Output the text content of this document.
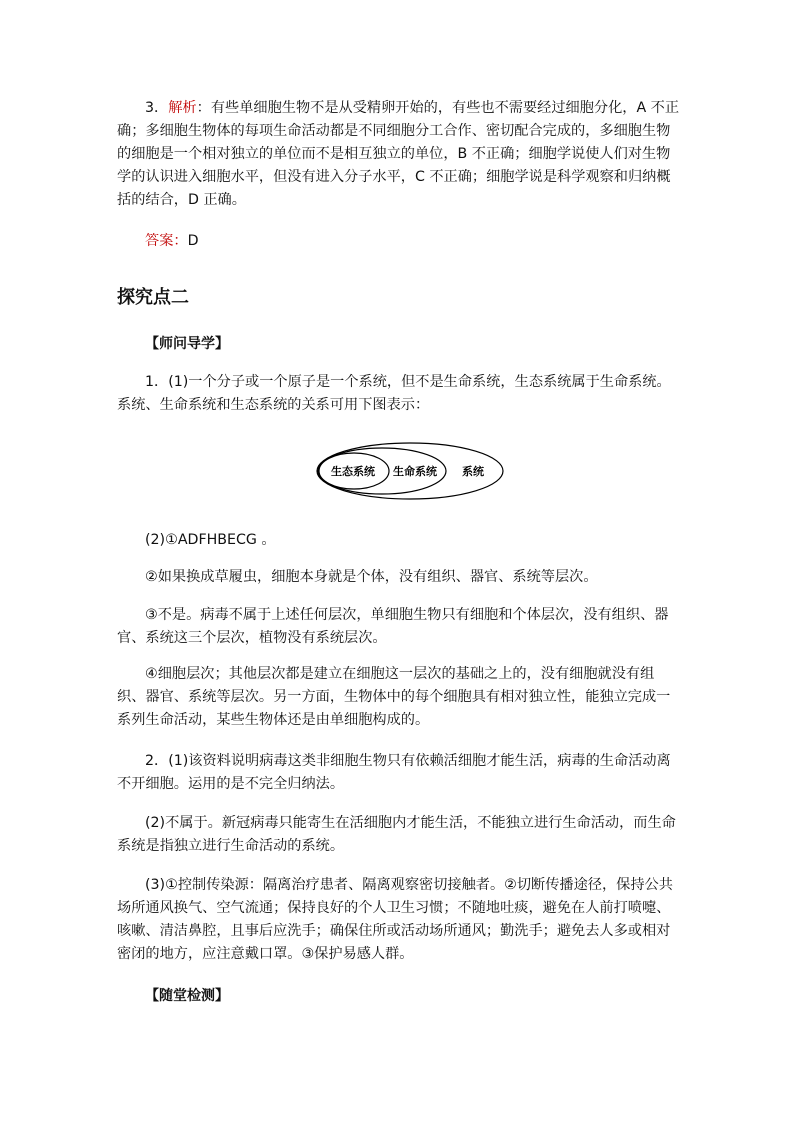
3．解析：有些单细胞生物不是从受精卵开始的，有些也不需要经过细胞分化，A 不正确；多细胞生物体的每项生命活动都是不同细胞分工合作、密切配合完成的，多细胞生物的细胞是一个相对独立的单位而不是相互独立的单位，B 不正确；细胞学说使人们对生物学的认识进入细胞水平，但没有进入分子水平，C 不正确；细胞学说是科学观察和归纳概括的结合，D 正确。

答案：D

探究点二

【师问导学】

1．(1)一个分子或一个原子是一个系统，但不是生命系统，生态系统属于生命系统。系统、生命系统和生态系统的关系可用下图表示：

生态系统 生命系统 系统

(2)①ADFHBECG 。

②如果换成草履虫，细胞本身就是个体，没有组织、器官、系统等层次。

③不是。病毒不属于上述任何层次，单细胞生物只有细胞和个体层次，没有组织、器官、系统这三个层次，植物没有系统层次。

④细胞层次；其他层次都是建立在细胞这一层次的基础之上的，没有细胞就没有组织、器官、系统等层次。另一方面，生物体中的每个细胞具有相对独立性，能独立完成一系列生命活动，某些生物体还是由单细胞构成的。

2．(1)该资料说明病毒这类非细胞生物只有依赖活细胞才能生活，病毒的生命活动离不开细胞。运用的是不完全归纳法。

(2)不属于。新冠病毒只能寄生在活细胞内才能生活，不能独立进行生命活动，而生命系统是指独立进行生命活动的系统。

(3)①控制传染源：隔离治疗患者、隔离观察密切接触者。②切断传播途径，保持公共场所通风换气、空气流通；保持良好的个人卫生习惯；不随地吐痰，避免在人前打喷嚏、咳嗽、清洁鼻腔，且事后应洗手；确保住所或活动场所通风；勤洗手；避免去人多或相对密闭的地方，应注意戴口罩。③保护易感人群。

【随堂检测】
